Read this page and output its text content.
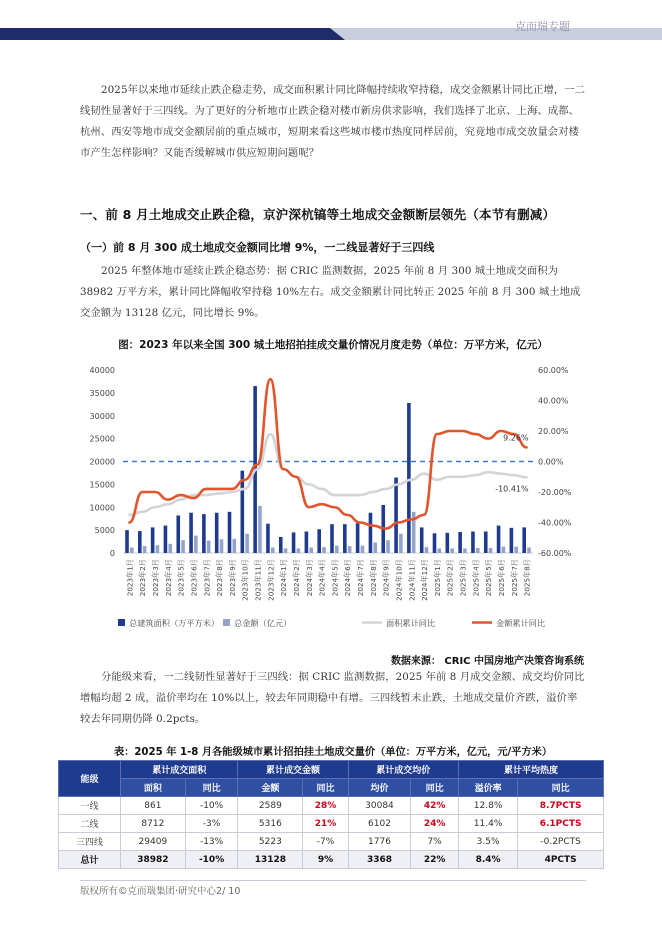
克而瑞专题
2025年以来地市延续止跌企稳走势，成交面积累计同比降幅持续收窄持稳，成交金额累计同比正增，一二线韧性显著好于三四线。为了更好的分析地市止跌企稳对楼市新房供求影响，我们选择了北京、上海、成都、杭州、西安等地市成交金额居前的重点城市，短期来看这些城市楼市热度同样居前，究竟地市成交放量会对楼市产生怎样影响？又能否缓解城市供应短期问题呢？
一、前 8 月土地成交止跌企稳，京沪深杭镐等土地成交金额断层领先（本节有删减）
（一）前 8 月 300 成土地成交金额同比增 9%，一二线显著好于三四线
2025 年整体地市延续止跌企稳态势：据 CRIC 监测数据，2025 年前 8 月 300 城土地成交面积为 38982 万平方米，累计同比降幅收窄持稳 10%左右。成交金额累计同比转正 2025 年前 8 月 300 城土地成交金额为 13128 亿元，同比增长 9%。
图：2023 年以来全国 300 城土地招拍挂成交量价情况月度走势（单位：万平方米，亿元）
0
5000
10000
15000
20000
25000
30000
35000
40000
-60.00%
-40.00%
-20.00%
0.00%
20.00%
40.00%
60.00%
2023年1月 2023年2月 2023年3月 2023年4月 2023年5月 2023年6月 2023年7月 2023年8月 2023年9月 2023年10月 2023年11月 2023年12月 2024年1月 2024年2月 2024年3月 2024年4月 2024年5月 2024年6月 2024年7月 2024年8月 2024年9月 2024年10月 2024年11月 2024年12月 2025年1月 2025年2月 2025年3月 2025年4月 2025年5月 2025年6月 2025年7月 2025年8月
9.26%
-10.41%
总建筑面积（万平方米） 总金额（亿元）	面积累计同比	金额累计同比
数据来源： CRIC 中国房地产决策咨询系统
分能级来看，一二线韧性显著好于三四线：据 CRIC 监测数据，2025 年前 8 月成交金额、成交均价同比增幅均超 2 成，溢价率均在 10%以上，较去年同期稳中有增。三四线暂未止跌，土地成交量价齐跌，溢价率较去年同期仍降 0.2pcts。
表：2025 年 1-8 月各能级城市累计招拍挂土地成交量价（单位：万平方米，亿元，元/平方米）
能级	累计成交面积		累计成交金额		累计成交均价		累计平均热度	
	面积	同比	金额	同比	均价	同比	溢价率	同比
一线	861	-10%	2589	28%	30084	42%	12.8%	8.7PCTS
二线	8712	-3%	5316	21%	6102	24%	11.4%	6.1PCTS
三四线	29409	-13%	5223	-7%	1776	7%	3.5%	-0.2PCTS
总计	38982	-10%	13128	9%	3368	22%	8.4%	4PCTS
版权所有©克而瑞集团·研究中心2/ 10
